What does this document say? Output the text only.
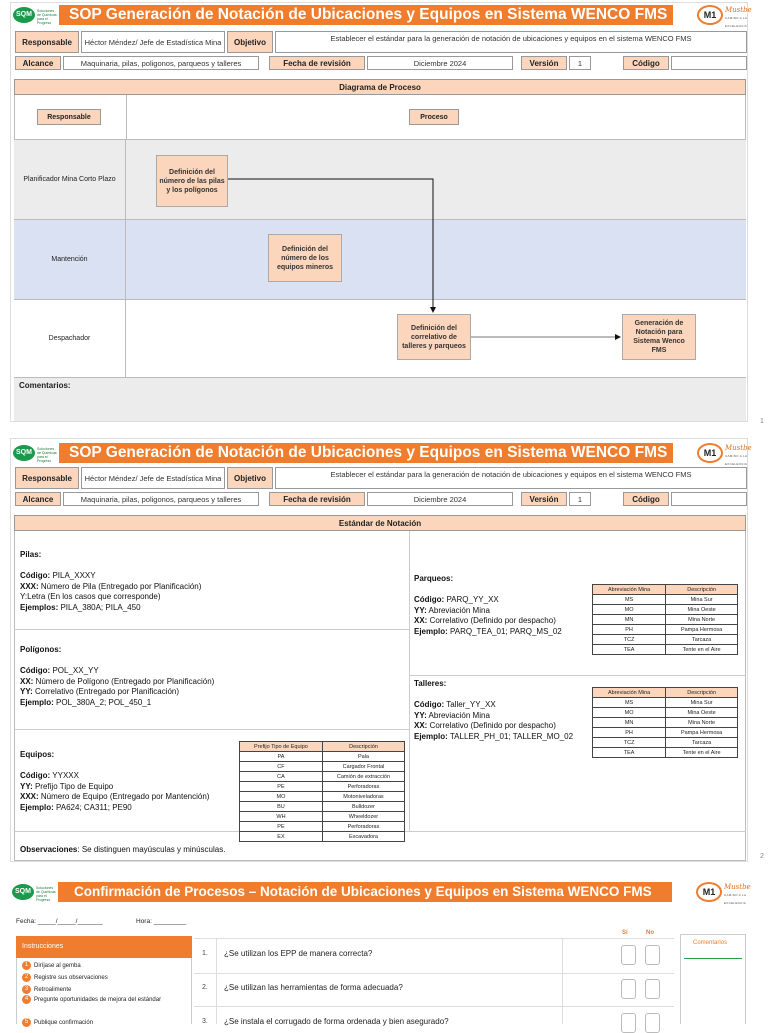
SQM	Soluciones de Químicas para el Progreso	SOP Generación de Notación de Ubicaciones y Equipos en Sistema WENCO FMS	M1	Mustbe
CAMINO A LA EXCELENCIA
Responsable	Héctor Méndez/ Jefe de Estadística Mina	Objetivo	Establecer el estándar para la generación de notación de ubicaciones y equipos en el sistema WENCO FMS
Alcance	Maquinaria, pilas, poligonos, parqueos y talleres	Fecha de revisión	Diciembre 2024	Versión	1	Código
Diagrama de Proceso
Responsable	Proceso
Planificador Mina Corto Plazo
Mantención
Despachador
Definición del número de las pilas y los polígonos
Definición del número de los equipos mineros
Definición del correlativo de talleres y parqueos
Generación de Notación para Sistema Wenco FMS
Comentarios:
1
SQM	Soluciones de Químicas para el Progreso	SOP Generación de Notación de Ubicaciones y Equipos en Sistema WENCO FMS	M1	Mustbe
CAMINO A LA EXCELENCIA
Responsable	Héctor Méndez/ Jefe de Estadística Mina	Objetivo	Establecer el estándar para la generación de notación de ubicaciones y equipos en el sistema WENCO FMS
Alcance	Maquinaria, pilas, poligonos, parqueos y talleres	Fecha de revisión	Diciembre 2024	Versión	1	Código
Estándar de Notación
Pilas:

Código: PILA_XXXY
XXX: Número de Pila (Entregado por Planificación)
Y:Letra (En los casos que corresponde)
Ejemplos: PILA_380A; PILA_450
Polígonos:

Código: POL_XX_YY
XX: Número de Polígono (Entregado por Planificación)
YY: Correlativo (Entregado por Planificación)
Ejemplo: POL_380A_2; POL_450_1
Equipos:

Código: YYXXX
YY: Prefijo Tipo de Equipo
XXX: Número de Equipo (Entregado por Mantención)
Ejemplo: PA624; CA311; PE90
Prefijo Tipo de Equipo	Descripción
PA	Pala
CF	Cargador Frontal
CA	Camión de extracción
PE	Perforadoras
MO	Motoniveladoras
BU	Bulldozer
WH	Wheeldozer
PE	Perforadoras
EX	Excavadora
Parqueos:

Código: PARQ_YY_XX
YY: Abreviación Mina
XX: Correlativo (Definido por despacho)
Ejemplo: PARQ_TEA_01; PARQ_MS_02
Abreviación Mina	Descripción
MS	Mina Sur
MO	Mina Oeste
MN	Mina Norte
PH	Pampa Hermosa
TCZ	Tarcaza
TEA	Tente en el Aire
Talleres:

Código: Taller_YY_XX
YY: Abreviación Mina
XX: Correlativo (Definido por despacho)
Ejemplo: TALLER_PH_01; TALLER_MO_02
Abreviación Mina	Descripción
MS	Mina Sur
MO	Mina Oeste
MN	Mina Norte
PH	Pampa Hermosa
TCZ	Tarcaza
TEA	Tente en el Aire
Observaciones: Se distinguen mayúsculas y minúsculas.
2
SQM	Soluciones de Químicas para el Progreso
Confirmación de Procesos – Notación de Ubicaciones y Equipos en Sistema WENCO FMS	M1	Mustbe
CAMINO A LA EXCELENCIA
Fecha: _____/_____/_______	Hora: _________
Sí	No
Comentarios
Instrucciones
1 Diríjase al gemba
2 Registre sus observaciones
3 Retroalimente
4 Pregunte oportunidades de mejora del estándar
5 Publique confirmación
1. ¿Se utilizan los EPP de manera correcta?
2. ¿Se utilizan las herramientas de forma adecuada?
3. ¿Se instala el corrugado de forma ordenada y bien asegurado?
